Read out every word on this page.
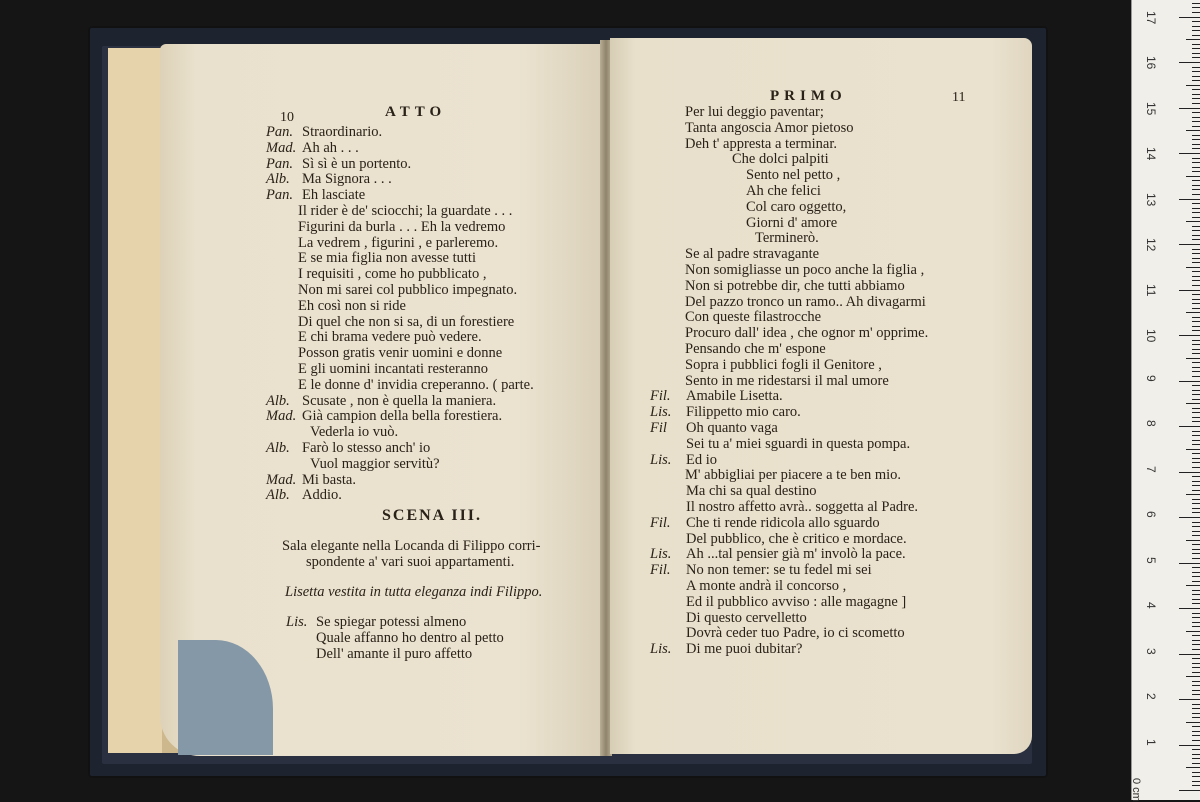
10	ATTO
Pan. Straordinario.
Mad. Ah ah . . .
Pan. Sì sì è un portento.
Alb. Ma Signora . . .
Pan. Eh lasciate
Il rider è de' sciocchi; la guardate . . .
Figurini da burla . . . Eh la vedremo
La vedrem , figurini , e parleremo.
E se mia figlia non avesse tutti
I requisiti , come ho pubblicato ,
Non mi sarei col pubblico impegnato.
Eh così non si ride
Di quel che non si sa, di un forestiere
E chi brama vedere può vedere.
Posson gratis venir uomini e donne
E gli uomini incantati resteranno
E le donne d' invidia creperanno. ( parte.
Alb. Scusate , non è quella la maniera.
Mad. Già campion della bella forestiera.
Vederla io vuò.
Alb. Farò lo stesso anch' io
Vuol maggior servitù?
Mad. Mi basta.
Alb. Addio.
SCENA III.
Sala elegante nella Locanda di Filippo corri-
spondente a' vari suoi appartamenti.
Lisetta vestita in tutta eleganza indi Filippo.
Lis. Se spiegar potessi almeno
Quale affanno ho dentro al petto
Dell' amante il puro affetto
PRIMO	11
Per lui deggio paventar;
Tanta angoscia Amor pietoso
Deh t' appresta a terminar.
Che dolci palpiti
Sento nel petto ,
Ah che felici
Col caro oggetto,
Giorni d' amore
Terminerò.
Se al padre stravagante
Non somigliasse un poco anche la figlia ,
Non si potrebbe dir, che tutti abbiamo
Del pazzo tronco un ramo.. Ah divagarmi
Con queste filastrocche
Procuro dall' idea , che ognor m' opprime.
Pensando che m' espone
Sopra i pubblici fogli il Genitore ,
Sento in me ridestarsi il mal umore
Fil. Amabile Lisetta.
Lis. Filippetto mio caro.
Fil Oh quanto vaga
Sei tu a' miei sguardi in questa pompa.
Lis. Ed io
M' abbigliai per piacere a te ben mio.
Ma chi sa qual destino
Il nostro affetto avrà.. soggetta al Padre.
Fil. Che ti rende ridicola allo sguardo
Del pubblico, che è critico e mordace.
Lis. Ah ...tal pensier già m' involò la pace.
Fil. No non temer: se tu fedel mi sei
A monte andrà il concorso ,
Ed il pubblico avviso : alle magagne ]
Di questo cervelletto
Dovrà ceder tuo Padre, io ci scometto
Lis. Di me puoi dubitar?
0 cm
1
2
3
4
5
6
7
8
9
10
11
12
13
14
15
16
17
